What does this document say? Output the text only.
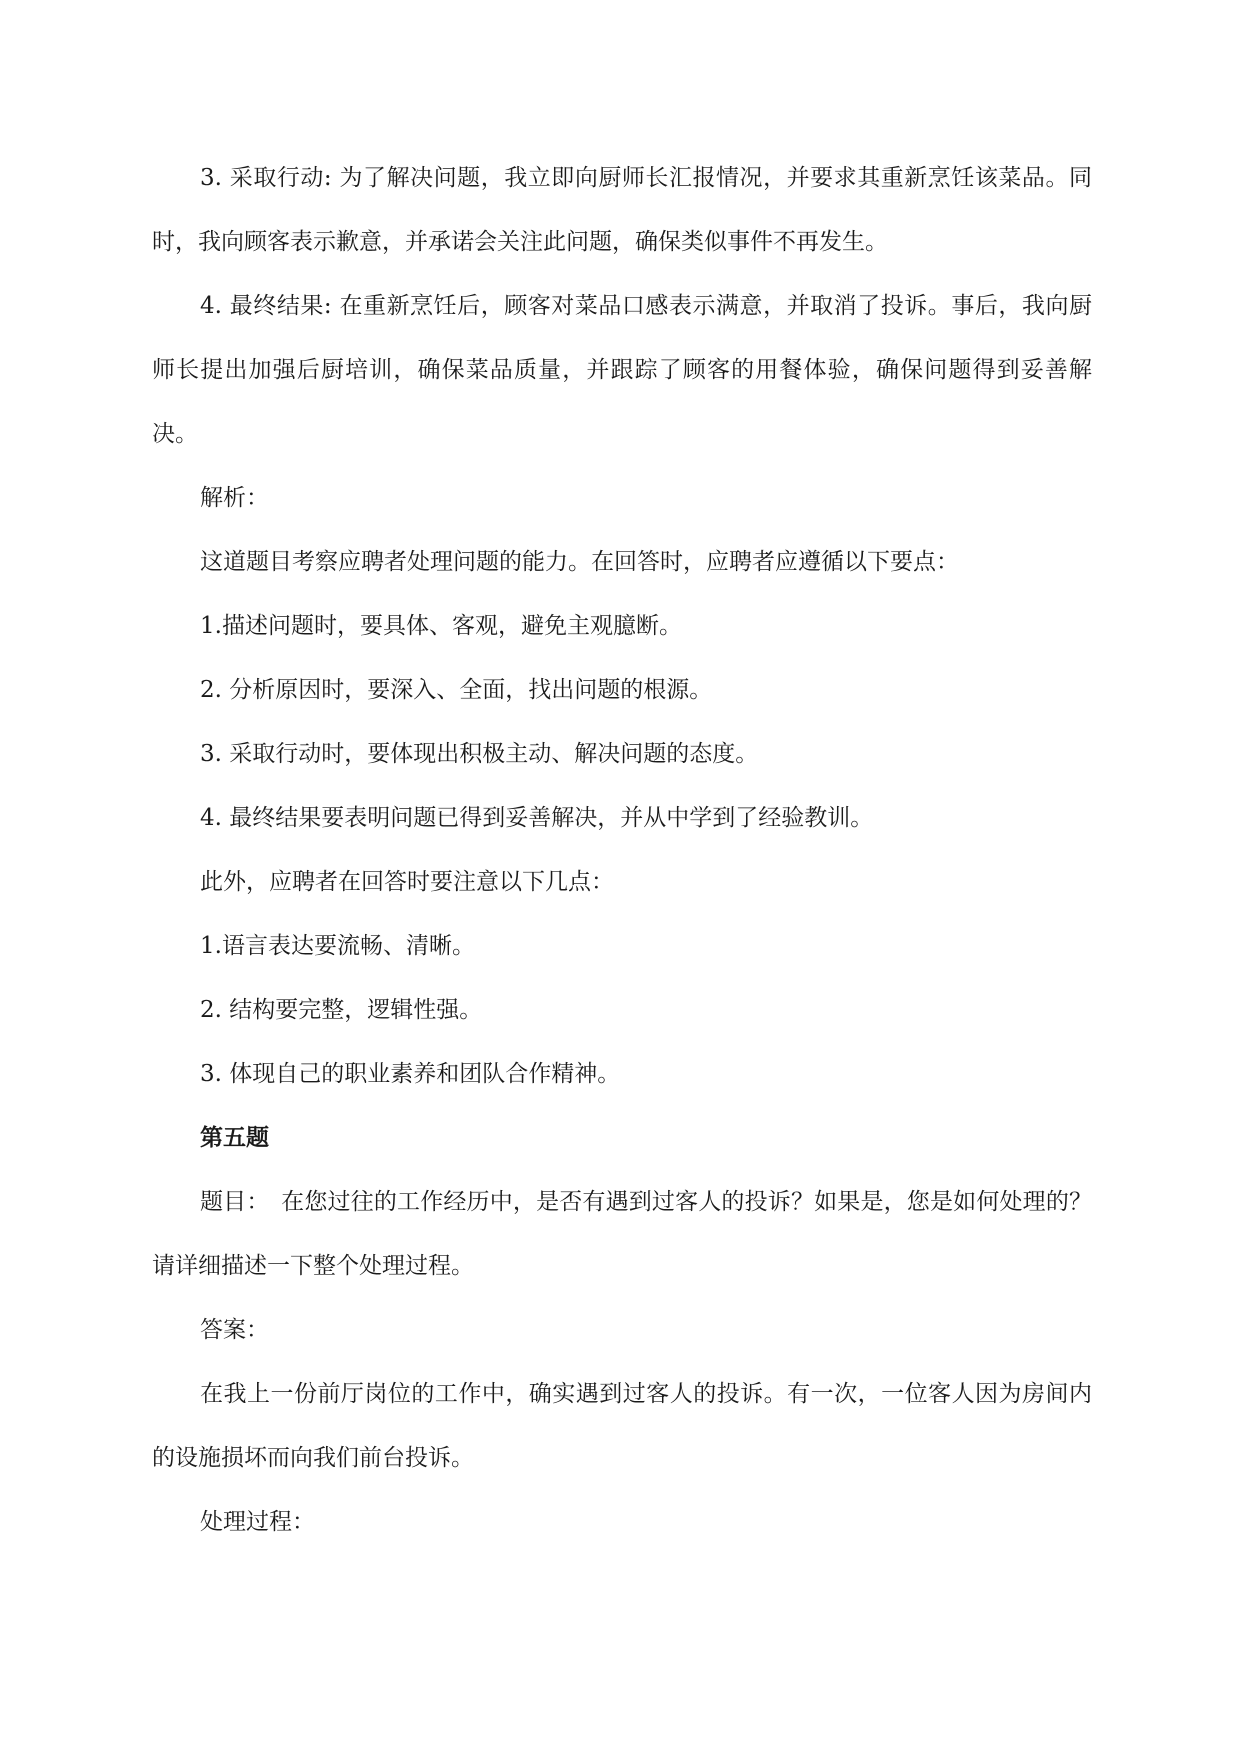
3. 采取行动: 为了解决问题，我立即向厨师长汇报情况，并要求其重新烹饪该菜品。同时，我向顾客表示歉意，并承诺会关注此问题，确保类似事件不再发生。

4. 最终结果: 在重新烹饪后，顾客对菜品口感表示满意，并取消了投诉。事后，我向厨师长提出加强后厨培训，确保菜品质量，并跟踪了顾客的用餐体验，确保问题得到妥善解决。

解析：

这道题目考察应聘者处理问题的能力。在回答时，应聘者应遵循以下要点：

1.描述问题时，要具体、客观，避免主观臆断。

2. 分析原因时，要深入、全面，找出问题的根源。

3. 采取行动时，要体现出积极主动、解决问题的态度。

4. 最终结果要表明问题已得到妥善解决，并从中学到了经验教训。

此外，应聘者在回答时要注意以下几点：

1.语言表达要流畅、清晰。

2. 结构要完整，逻辑性强。

3. 体现自己的职业素养和团队合作精神。

第五题

题目：　在您过往的工作经历中，是否有遇到过客人的投诉？如果是，您是如何处理的？请详细描述一下整个处理过程。

答案：

在我上一份前厅岗位的工作中，确实遇到过客人的投诉。有一次，一位客人因为房间内的设施损坏而向我们前台投诉。

处理过程：
